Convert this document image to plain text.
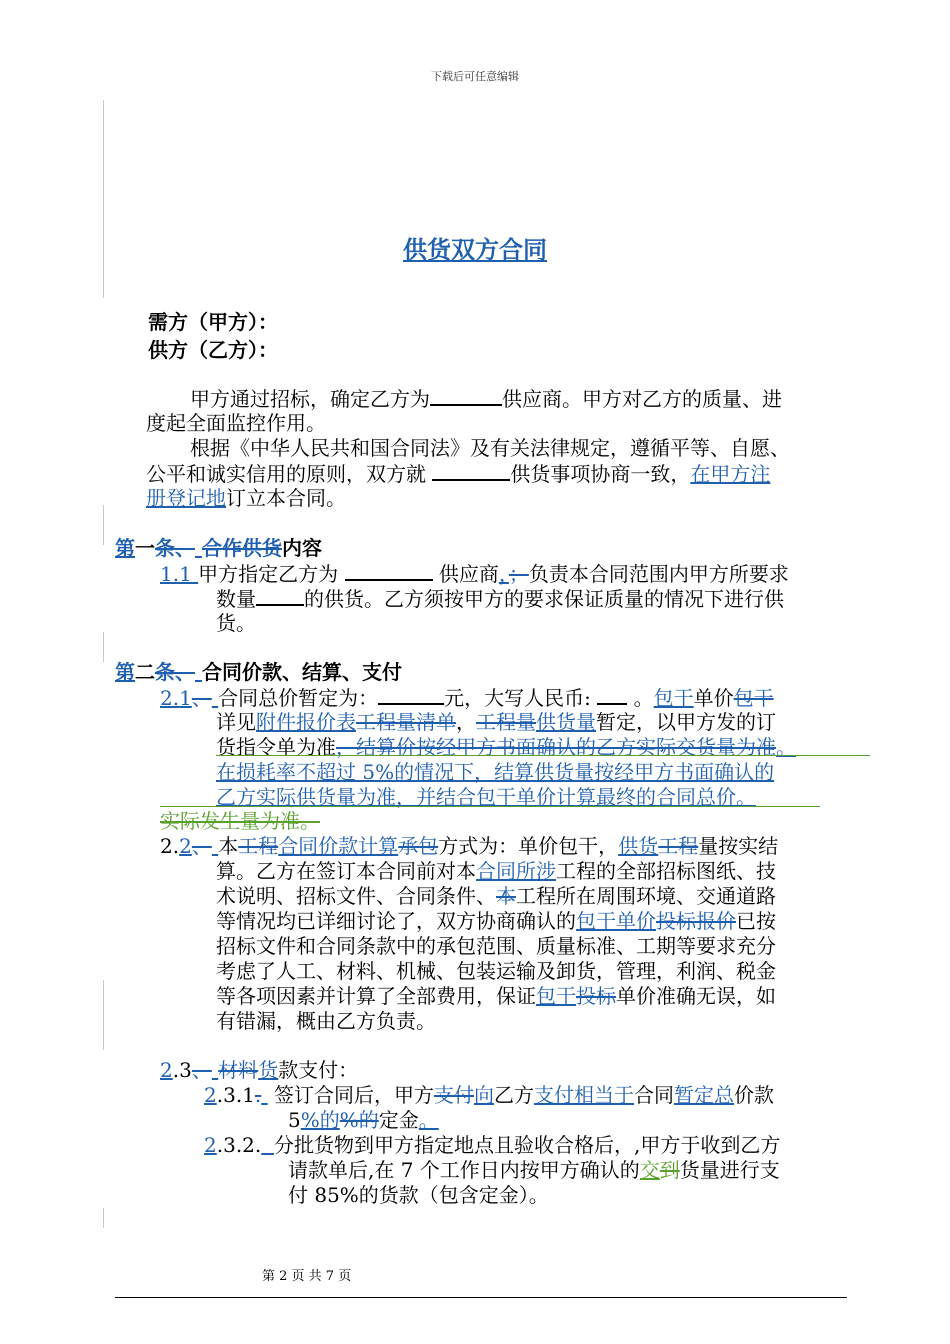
下载后可任意编辑
供货双方合同
需方（甲方）：
供方（乙方）：
甲方通过招标，确定乙方为	供应商。甲方对乙方的质量、进
度起全面监控作用。
根据《中华人民共和国合同法》及有关法律规定，遵循平等、自愿、
公平和诚实信用的原则，双方就	供货事项协商一致，在甲方注
册登记地订立本合同。
第一条、 合作供货内容
1.1 甲方指定乙方为	供应商，；负责本合同范围内甲方所要求
数量 的供货。乙方须按甲方的要求保证质量的情况下进行供
货。
第二条、 合同价款、结算、支付
2.1、 合同总价暂定为：	元，大写人民币:  。包干单价包干
详见附件报价表工程量清单，工程量供货量暂定，以甲方发的订
货指令单为准，结算价按经甲方书面确认的乙方实际交货量为准。
在损耗率不超过 5%的情况下，结算供货量按经甲方书面确认的
乙方实际供货量为准，并结合包干单价计算最终的合同总价。
实际发生量为准。
2.2、 本工程合同价款计算承包方式为：单价包干，供货工程量按实结
算。乙方在签订本合同前对本合同所涉工程的全部招标图纸、技
术说明、招标文件、合同条件、本工程所在周围环境、交通道路
等情况均已详细讨论了，双方协商确认的包干单价投标报价已按
招标文件和合同条款中的承包范围、质量标准、工期等要求充分
考虑了人工、材料、机械、包装运输及卸货，管理，利润、税金
等各项因素并计算了全部费用，保证包干投标单价准确无误，如
有错漏，概由乙方负责。
2.3、 材料货款支付：
2.3.1. 签订合同后，甲方支付向乙方支付相当于合同暂定总价款
5%的%的定金。
2.3.2. 分批货物到甲方指定地点且验收合格后，,甲方于收到乙方
请款单后,在 7 个工作日内按甲方确认的交到货量进行支
付 85%的货款（包含定金）。
第 2 页 共 7 页
